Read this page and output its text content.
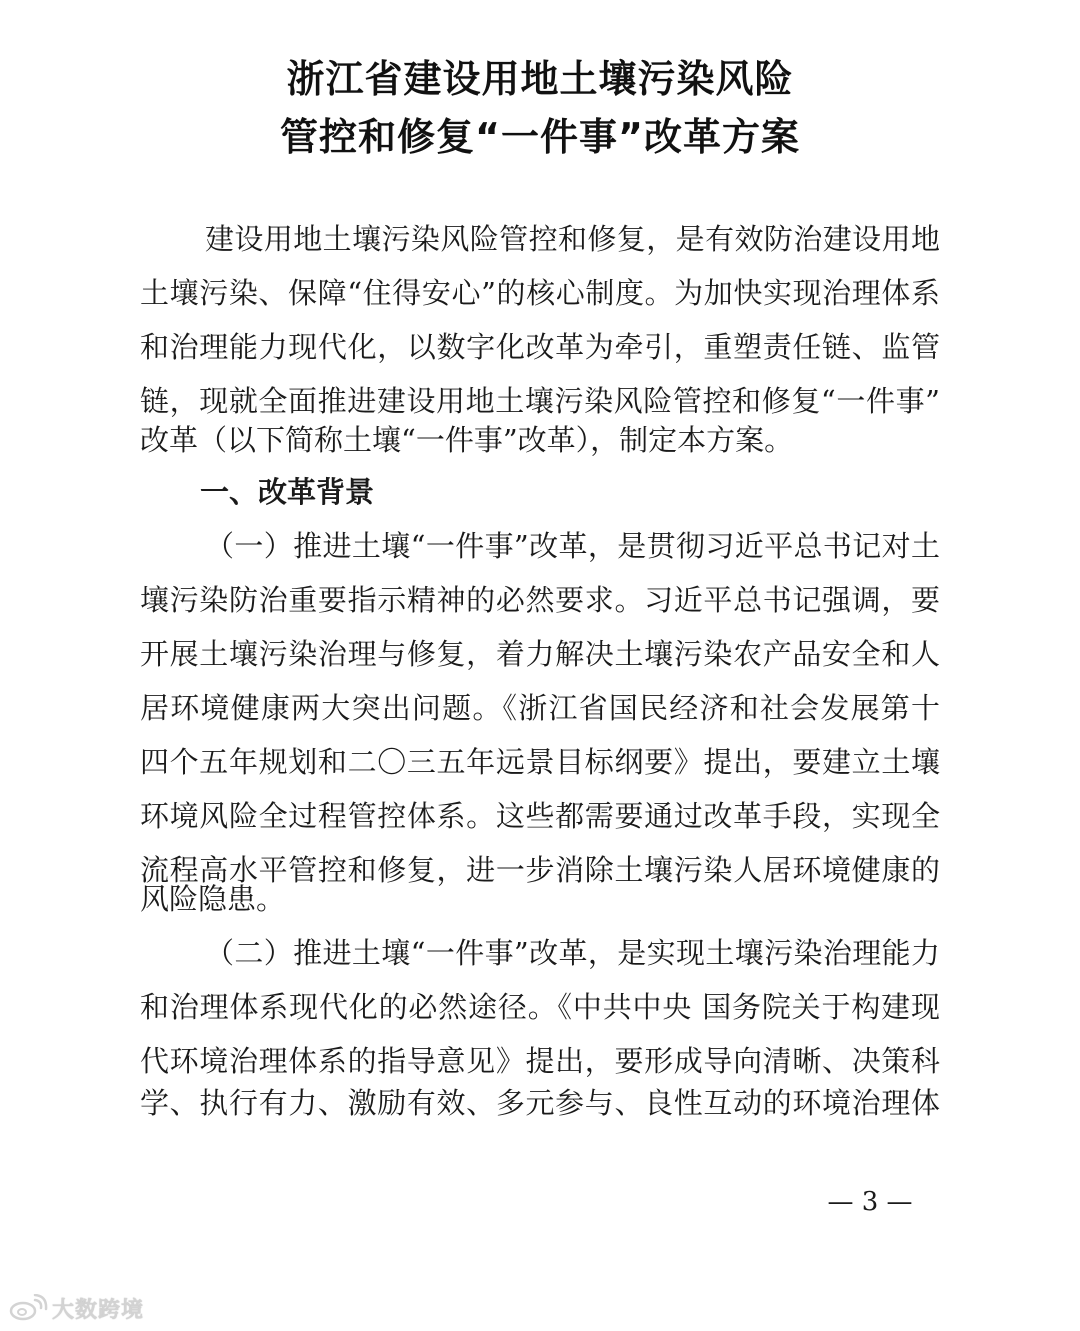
浙江省建设用地土壤污染风险
管控和修复“一件事”改革方案
建设用地土壤污染风险管控和修复，是有效防治建设用地
土壤污染、保障“住得安心”的核心制度。为加快实现治理体系
和治理能力现代化，以数字化改革为牵引，重塑责任链、监管
链，现就全面推进建设用地土壤污染风险管控和修复“一件事”
改革（以下简称土壤“一件事”改革），制定本方案。
一、改革背景
（一）推进土壤“一件事”改革，是贯彻习近平总书记对土
壤污染防治重要指示精神的必然要求。习近平总书记强调，要
开展土壤污染治理与修复，着力解决土壤污染农产品安全和人
居环境健康两大突出问题。《浙江省国民经济和社会发展第十
四个五年规划和二〇三五年远景目标纲要》提出，要建立土壤
环境风险全过程管控体系。这些都需要通过改革手段，实现全
流程高水平管控和修复，进一步消除土壤污染人居环境健康的
风险隐患。
（二）推进土壤“一件事”改革，是实现土壤污染治理能力
和治理体系现代化的必然途径。《中共中央 国务院关于构建现
代环境治理体系的指导意见》提出，要形成导向清晰、决策科
学、执行有力、激励有效、多元参与、良性互动的环境治理体
— 3 —
大数跨境
